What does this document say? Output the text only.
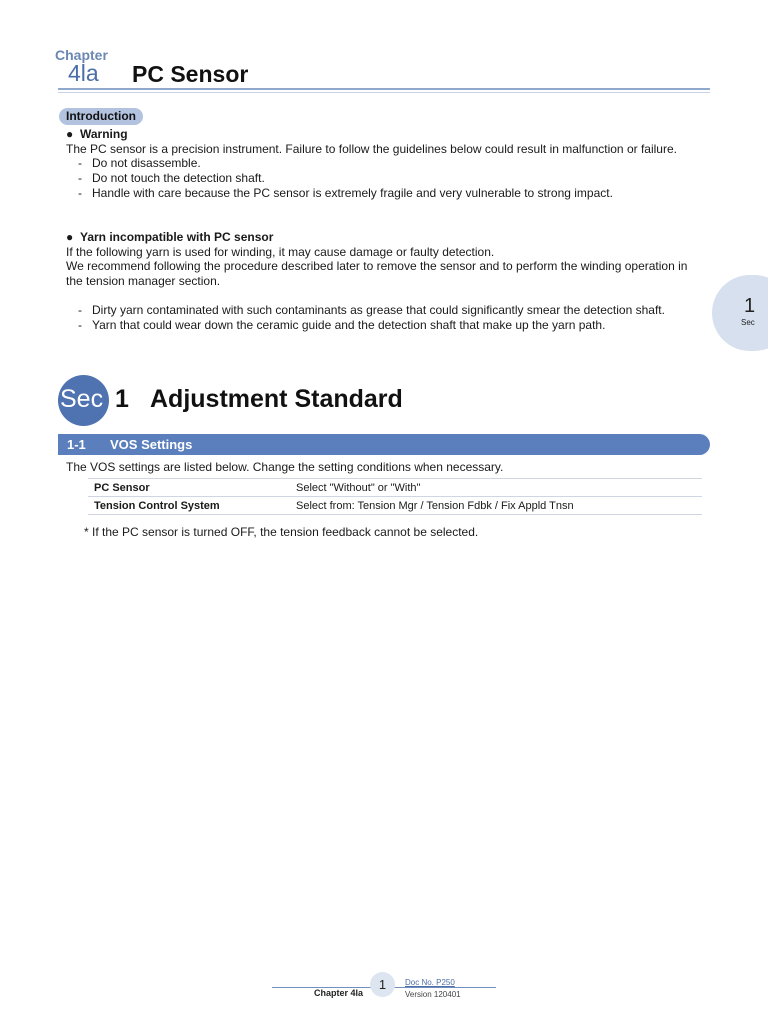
Chapter
4la PC Sensor
Introduction
● Warning
The PC sensor is a precision instrument. Failure to follow the guidelines below could result in malfunction or failure.
- Do not disassemble.
- Do not touch the detection shaft.
- Handle with care because the PC sensor is extremely fragile and very vulnerable to strong impact.
● Yarn incompatible with PC sensor
If the following yarn is used for winding, it may cause damage or faulty detection.
We recommend following the procedure described later to remove the sensor and to perform the winding operation in the tension manager section.
- Dirty yarn contaminated with such contaminants as grease that could significantly smear the detection shaft.
- Yarn that could wear down the ceramic guide and the detection shaft that make up the yarn path.
1
Sec
Sec 1 Adjustment Standard
1-1 VOS Settings
The VOS settings are listed below. Change the setting conditions when necessary.
PC Sensor	Select "Without" or "With"
Tension Control System	Select from: Tension Mgr / Tension Fdbk / Fix Appld Tnsn
* If the PC sensor is turned OFF, the tension feedback cannot be selected.
Chapter 4la
1	Doc No. P250
Version 120401
